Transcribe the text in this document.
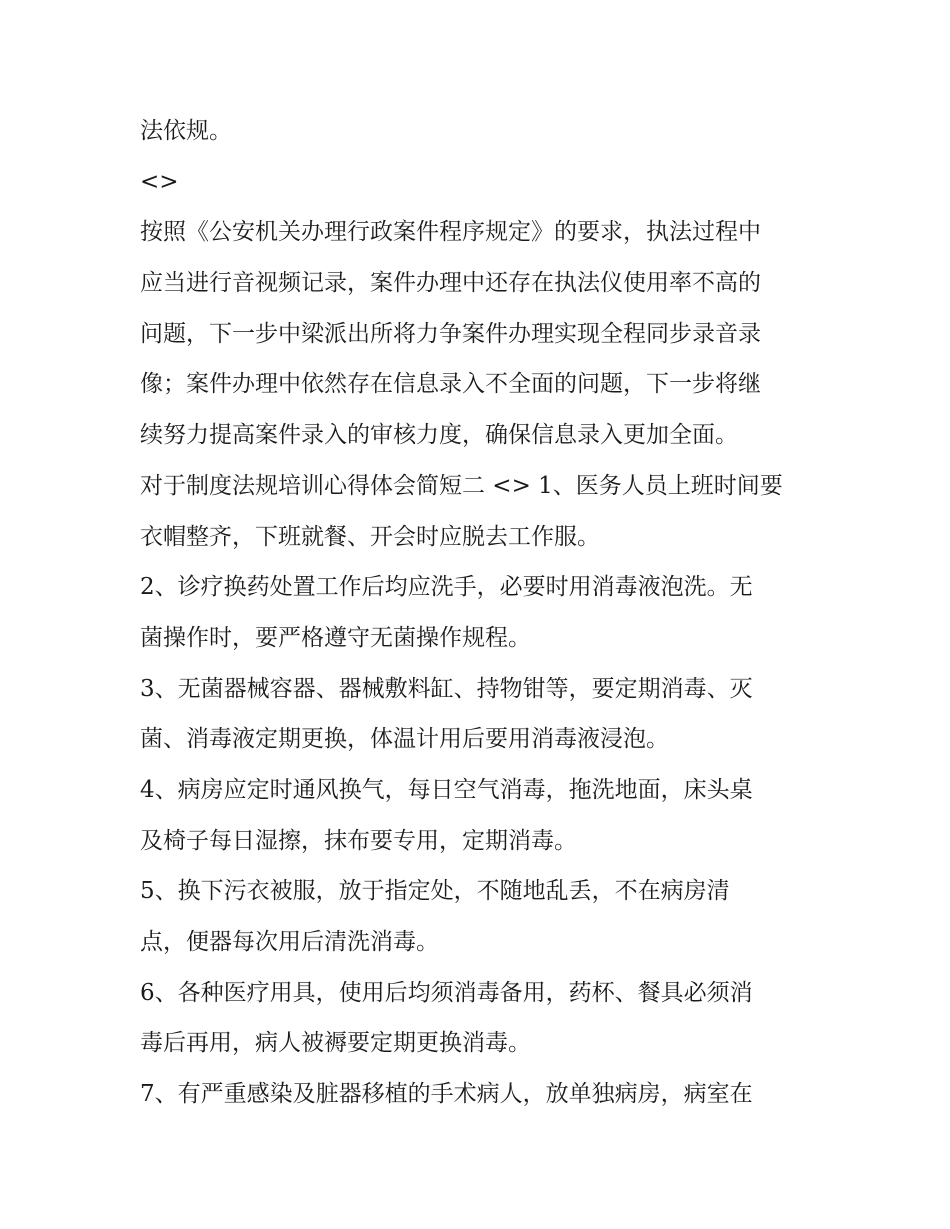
法依规。
<>
按照《公安机关办理行政案件程序规定》的要求，执法过程中
应当进行音视频记录，案件办理中还存在执法仪使用率不高的
问题，下一步中梁派出所将力争案件办理实现全程同步录音录
像；案件办理中依然存在信息录入不全面的问题，下一步将继
续努力提高案件录入的审核力度，确保信息录入更加全面。
对于制度法规培训心得体会简短二 <> 1、医务人员上班时间要
衣帽整齐，下班就餐、开会时应脱去工作服。
2、诊疗换药处置工作后均应洗手，必要时用消毒液泡洗。无
菌操作时，要严格遵守无菌操作规程。
3、无菌器械容器、器械敷料缸、持物钳等，要定期消毒、灭
菌、消毒液定期更换，体温计用后要用消毒液浸泡。
4、病房应定时通风换气，每日空气消毒，拖洗地面，床头桌
及椅子每日湿擦，抹布要专用，定期消毒。
5、换下污衣被服，放于指定处，不随地乱丢，不在病房清
点，便器每次用后清洗消毒。
6、各种医疗用具，使用后均须消毒备用，药杯、餐具必须消
毒后再用，病人被褥要定期更换消毒。
7、有严重感染及脏器移植的手术病人，放单独病房，病室在
